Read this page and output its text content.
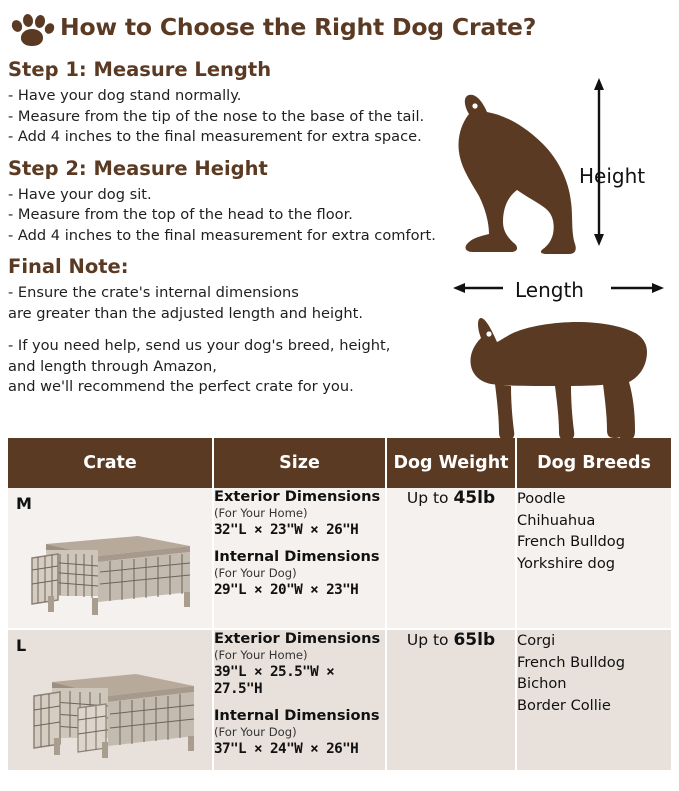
How to Choose the Right Dog Crate?
Step 1: Measure Length

- Have your dog stand normally.

- Measure from the tip of the nose to the base of the tail.

- Add 4 inches to the final measurement for extra space.

Step 2: Measure Height

- Have your dog sit.

- Measure from the top of the head to the floor.

- Add 4 inches to the final measurement for extra comfort.

Final Note:

- Ensure the crate's internal dimensions

are greater than the adjusted length and height.

- If you need help, send us your dog's breed, height,

and length through Amazon,

and we'll recommend the perfect crate for you.

Height
Length
Crate	Size	Dog Weight	Dog Breeds

M	Exterior Dimensions
(For Your Home)
32"L × 23"W × 26"H
Internal Dimensions
(For Your Dog)
29"L × 20"W × 23"H
	Up to 45lb	Poodle
Chihuahua
French Bulldog
Yorkshire dog

L	Exterior Dimensions
(For Your Home)
39"L × 25.5"W × 27.5"H
Internal Dimensions
(For Your Dog)
37"L × 24"W × 26"H
	Up to 65lb	Corgi
French Bulldog
Bichon
Border Collie
